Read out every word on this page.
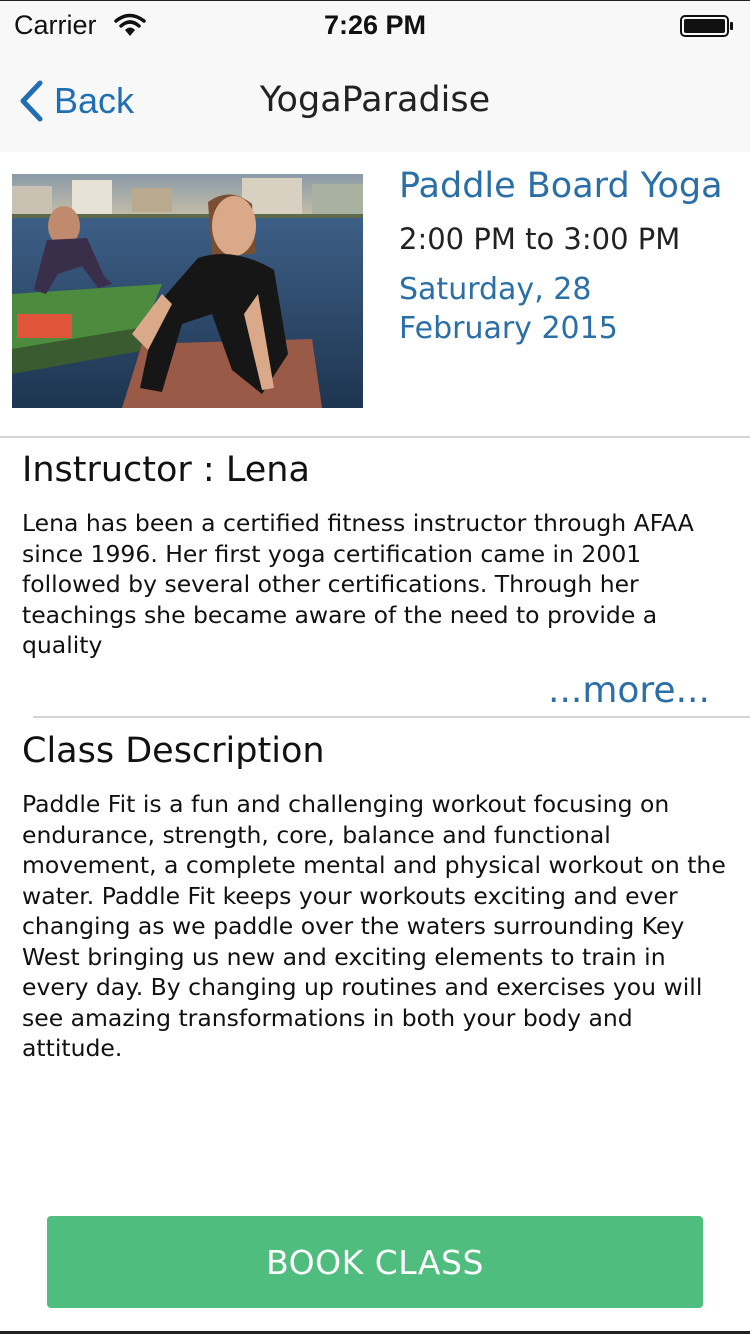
Carrier	7:26 PM
Back	YogaParadise
Paddle Board Yoga
2:00 PM to 3:00 PM
Saturday, 28 February 2015
Instructor : Lena
Lena has been a certified fitness instructor through AFAA since 1996. Her first yoga certification came in 2001 followed by several other certifications. Through her teachings she became aware of the need to provide a quality
...more...
Class Description
Paddle Fit is a fun and challenging workout focusing on endurance, strength, core, balance and functional movement, a complete mental and physical workout on the water. Paddle Fit keeps your workouts exciting and ever changing as we paddle over the waters surrounding Key West bringing us new and exciting elements to train in every day. By changing up routines and exercises you will see amazing transformations in both your body and attitude.
BOOK CLASS
